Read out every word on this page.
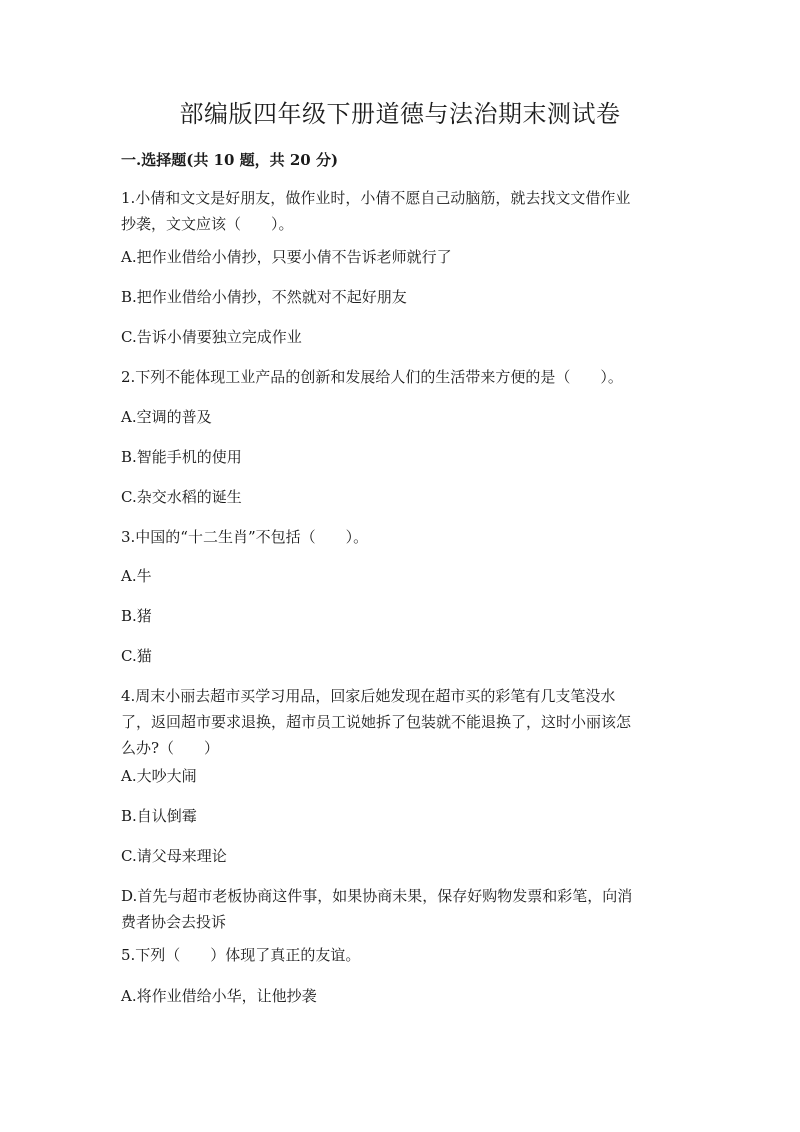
部编版四年级下册道德与法治期末测试卷
一.选择题(共 10 题，共 20 分)

1.小倩和文文是好朋友，做作业时，小倩不愿自己动脑筋，就去找文文借作业

抄袭，文文应该（　　）。

A.把作业借给小倩抄，只要小倩不告诉老师就行了

B.把作业借给小倩抄，不然就对不起好朋友

C.告诉小倩要独立完成作业

2.下列不能体现工业产品的创新和发展给人们的生活带来方便的是（　　）。

A.空调的普及

B.智能手机的使用

C.杂交水稻的诞生

3.中国的“十二生肖”不包括（　　）。

A.牛

B.猪

C.猫

4.周末小丽去超市买学习用品，回家后她发现在超市买的彩笔有几支笔没水

了，返回超市要求退换，超市员工说她拆了包装就不能退换了，这时小丽该怎

么办?（　　）

A.大吵大闹

B.自认倒霉

C.请父母来理论

D.首先与超市老板协商这件事，如果协商未果，保存好购物发票和彩笔，向消

费者协会去投诉

5.下列（　　）体现了真正的友谊。

A.将作业借给小华，让他抄袭
